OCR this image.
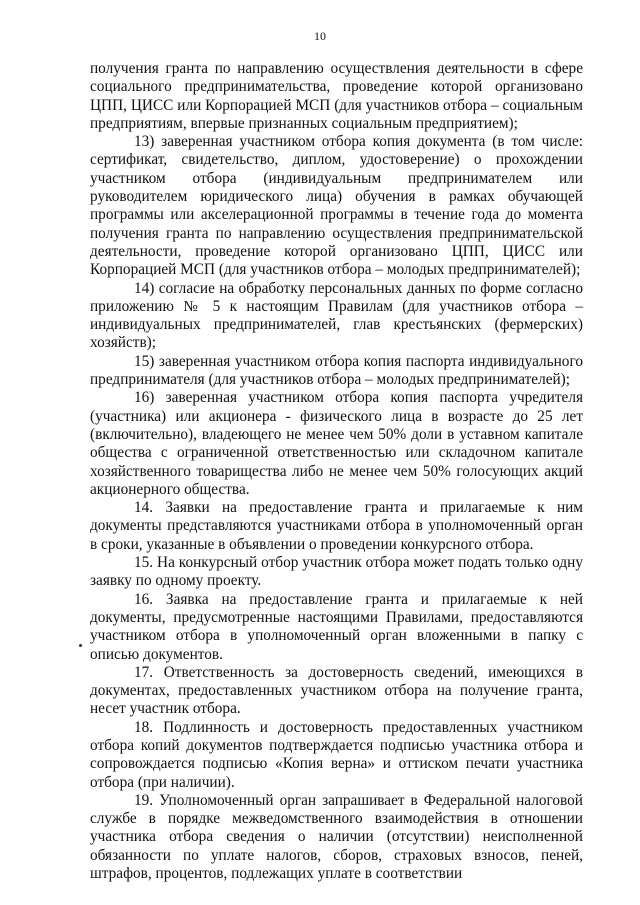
10

получения гранта по направлению осуществления деятельности в сфере социального предпринимательства, проведение которой организовано ЦПП, ЦИСС или Корпорацией МСП (для участников отбора – социальным предприятиям, впервые признанных социальным предприятием);

13) заверенная участником отбора копия документа (в том числе: сертификат, свидетельство, диплом, удостоверение) о прохождении участником отбора (индивидуальным предпринимателем или руководителем юридического лица) обучения в рамках обучающей программы или акселерационной программы в течение года до момента получения гранта по направлению осуществления предпринимательской деятельности, проведение которой организовано ЦПП, ЦИСС или Корпорацией МСП (для участников отбора – молодых предпринимателей);

14) согласие на обработку персональных данных по форме согласно приложению № 5 к настоящим Правилам (для участников отбора – индивидуальных предпринимателей, глав крестьянских (фермерских) хозяйств);

15) заверенная участником отбора копия паспорта индивидуального предпринимателя (для участников отбора – молодых предпринимателей);

16) заверенная участником отбора копия паспорта учредителя (участника) или акционера - физического лица в возрасте до 25 лет (включительно), владеющего не менее чем 50% доли в уставном капитале общества с ограниченной ответственностью или складочном капитале хозяйственного товарищества либо не менее чем 50% голосующих акций акционерного общества.

14. Заявки на предоставление гранта и прилагаемые к ним документы представляются участниками отбора в уполномоченный орган в сроки, указанные в объявлении о проведении конкурсного отбора.

15. На конкурсный отбор участник отбора может подать только одну заявку по одному проекту.

16. Заявка на предоставление гранта и прилагаемые к ней документы, предусмотренные настоящими Правилами, предоставляются участником отбора в уполномоченный орган вложенными в папку с описью документов.

17. Ответственность за достоверность сведений, имеющихся в документах, предоставленных участником отбора на получение гранта, несет участник отбора.

18. Подлинность и достоверность предоставленных участником отбора копий документов подтверждается подписью участника отбора и сопровождается подписью «Копия верна» и оттиском печати участника отбора (при наличии).

19. Уполномоченный орган запрашивает в Федеральной налоговой службе в порядке межведомственного взаимодействия в отношении участника отбора сведения о наличии (отсутствии) неисполненной обязанности по уплате налогов, сборов, страховых взносов, пеней, штрафов, процентов, подлежащих уплате в соответствии
